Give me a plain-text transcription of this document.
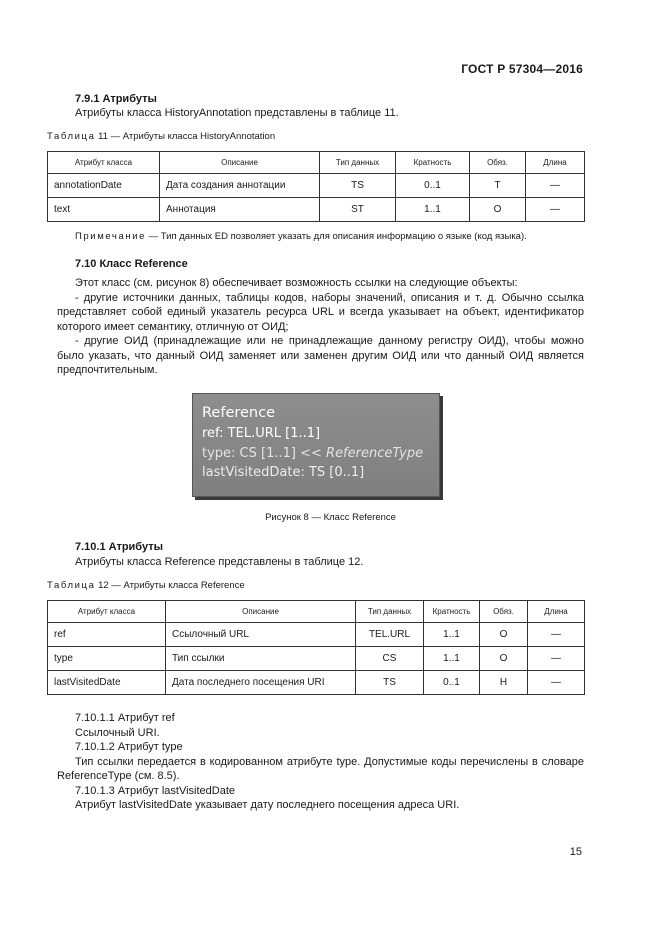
ГОСТ Р 57304—2016
7.9.1 Атрибуты
Атрибуты класса HistoryAnnotation представлены в таблице 11.
Таблица 11 — Атрибуты класса HistoryAnnotation
Атрибут класса	Описание	Тип данных	Кратность	Обяз.	Длина
annotationDate	Дата создания аннотации	TS	0..1	Т	—
text	Аннотация	ST	1..1	О	—
Примечание — Тип данных ED позволяет указать для описания информацию о языке (код языка).
7.10 Класс Reference

Этот класс (см. рисунок 8) обеспечивает возможность ссылки на следующие объекты:

- другие источники данных, таблицы кодов, наборы значений, описания и т. д. Обычно ссылка представляет собой единый указатель ресурса URL и всегда указывает на объект, идентификатор которого имеет семантику, отличную от ОИД;

- другие ОИД (принадлежащие или не принадлежащие данному регистру ОИД), чтобы можно было указать, что данный ОИД заменяет или заменен другим ОИД или что данный ОИД является предпочтительным.

Reference
ref: TEL.URL [1..1]
type: CS [1..1] << ReferenceType
lastVisitedDate: TS [0..1]
Рисунок 8 — Класс Reference
7.10.1 Атрибуты
Атрибуты класса Reference представлены в таблице 12.
Таблица 12 — Атрибуты класса Reference
Атрибут класса	Описание	Тип данных	Кратность	Обяз.	Длина
ref	Ссылочный URL	TEL.URL	1..1	О	—
type	Тип ссылки	CS	1..1	О	—
lastVisitedDate	Дата последнего посещения URI	TS	0..1	Н	—

7.10.1.1 Атрибут ref

Ссылочный URI.

7.10.1.2 Атрибут type

Тип ссылки передается в кодированном атрибуте type. Допустимые коды перечислены в словаре ReferenceType (см. 8.5).

7.10.1.3 Атрибут lastVisitedDate

Атрибут lastVisitedDate указывает дату последнего посещения адреса URI.

15
